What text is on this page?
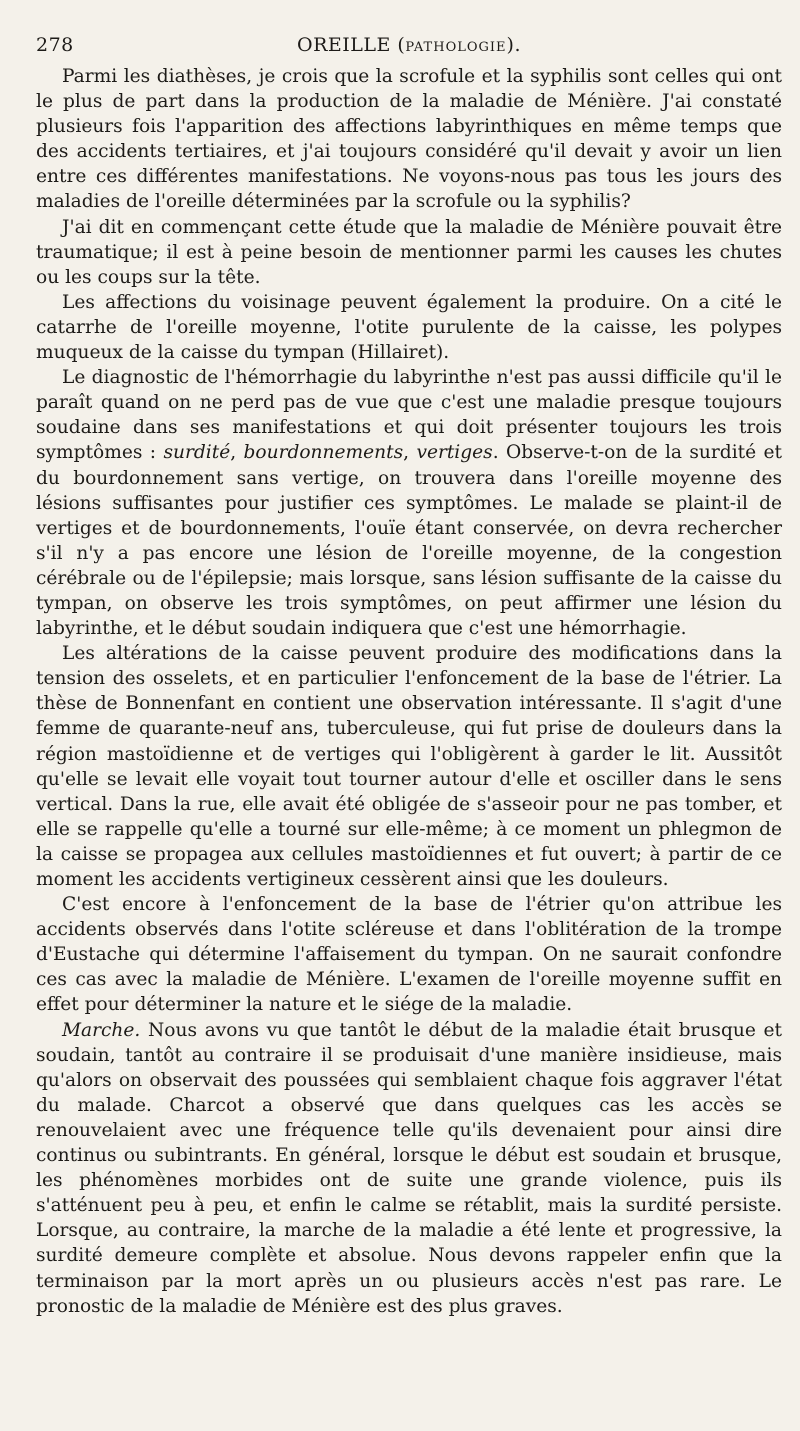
278	OREILLE (PATHOLOGIE).

Parmi les diathèses, je crois que la scrofule et la syphilis sont celles qui ont le plus de part dans la production de la maladie de Ménière. J'ai constaté plusieurs fois l'apparition des affections labyrinthiques en même temps que des accidents tertiaires, et j'ai toujours considéré qu'il devait y avoir un lien entre ces différentes manifestations. Ne voyons-nous pas tous les jours des maladies de l'oreille déterminées par la scrofule ou la syphilis?

J'ai dit en commençant cette étude que la maladie de Ménière pouvait être traumatique; il est à peine besoin de mentionner parmi les causes les chutes ou les coups sur la tête.

Les affections du voisinage peuvent également la produire. On a cité le catarrhe de l'oreille moyenne, l'otite purulente de la caisse, les polypes muqueux de la caisse du tympan (Hillairet).

Le diagnostic de l'hémorrhagie du labyrinthe n'est pas aussi difficile qu'il le paraît quand on ne perd pas de vue que c'est une maladie presque toujours soudaine dans ses manifestations et qui doit présenter toujours les trois symptômes : surdité, bourdonnements, vertiges. Observe-t-on de la surdité et du bourdonnement sans vertige, on trouvera dans l'oreille moyenne des lésions suffisantes pour justifier ces symptômes. Le malade se plaint-il de vertiges et de bourdonnements, l'ouïe étant conservée, on devra rechercher s'il n'y a pas encore une lésion de l'oreille moyenne, de la congestion cérébrale ou de l'épilepsie; mais lorsque, sans lésion suffisante de la caisse du tympan, on observe les trois symptômes, on peut affirmer une lésion du labyrinthe, et le début soudain indiquera que c'est une hémorrhagie.

Les altérations de la caisse peuvent produire des modifications dans la tension des osselets, et en particulier l'enfoncement de la base de l'étrier. La thèse de Bonnenfant en contient une observation intéressante. Il s'agit d'une femme de quarante-neuf ans, tuberculeuse, qui fut prise de douleurs dans la région mastoïdienne et de vertiges qui l'obligèrent à garder le lit. Aussitôt qu'elle se levait elle voyait tout tourner autour d'elle et osciller dans le sens vertical. Dans la rue, elle avait été obligée de s'asseoir pour ne pas tomber, et elle se rappelle qu'elle a tourné sur elle-même; à ce moment un phlegmon de la caisse se propagea aux cellules mastoïdiennes et fut ouvert; à partir de ce moment les accidents vertigineux cessèrent ainsi que les douleurs.

C'est encore à l'enfoncement de la base de l'étrier qu'on attribue les accidents observés dans l'otite scléreuse et dans l'oblitération de la trompe d'Eustache qui détermine l'affaisement du tympan. On ne saurait confondre ces cas avec la maladie de Ménière. L'examen de l'oreille moyenne suffit en effet pour déterminer la nature et le siége de la maladie.

Marche. Nous avons vu que tantôt le début de la maladie était brusque et soudain, tantôt au contraire il se produisait d'une manière insidieuse, mais qu'alors on observait des poussées qui semblaient chaque fois aggraver l'état du malade. Charcot a observé que dans quelques cas les accès se renouvelaient avec une fréquence telle qu'ils devenaient pour ainsi dire continus ou subintrants. En général, lorsque le début est soudain et brusque, les phénomènes morbides ont de suite une grande violence, puis ils s'atténuent peu à peu, et enfin le calme se rétablit, mais la surdité persiste. Lorsque, au contraire, la marche de la maladie a été lente et progressive, la surdité demeure complète et absolue. Nous devons rappeler enfin que la terminaison par la mort après un ou plusieurs accès n'est pas rare. Le pronostic de la maladie de Ménière est des plus graves.
